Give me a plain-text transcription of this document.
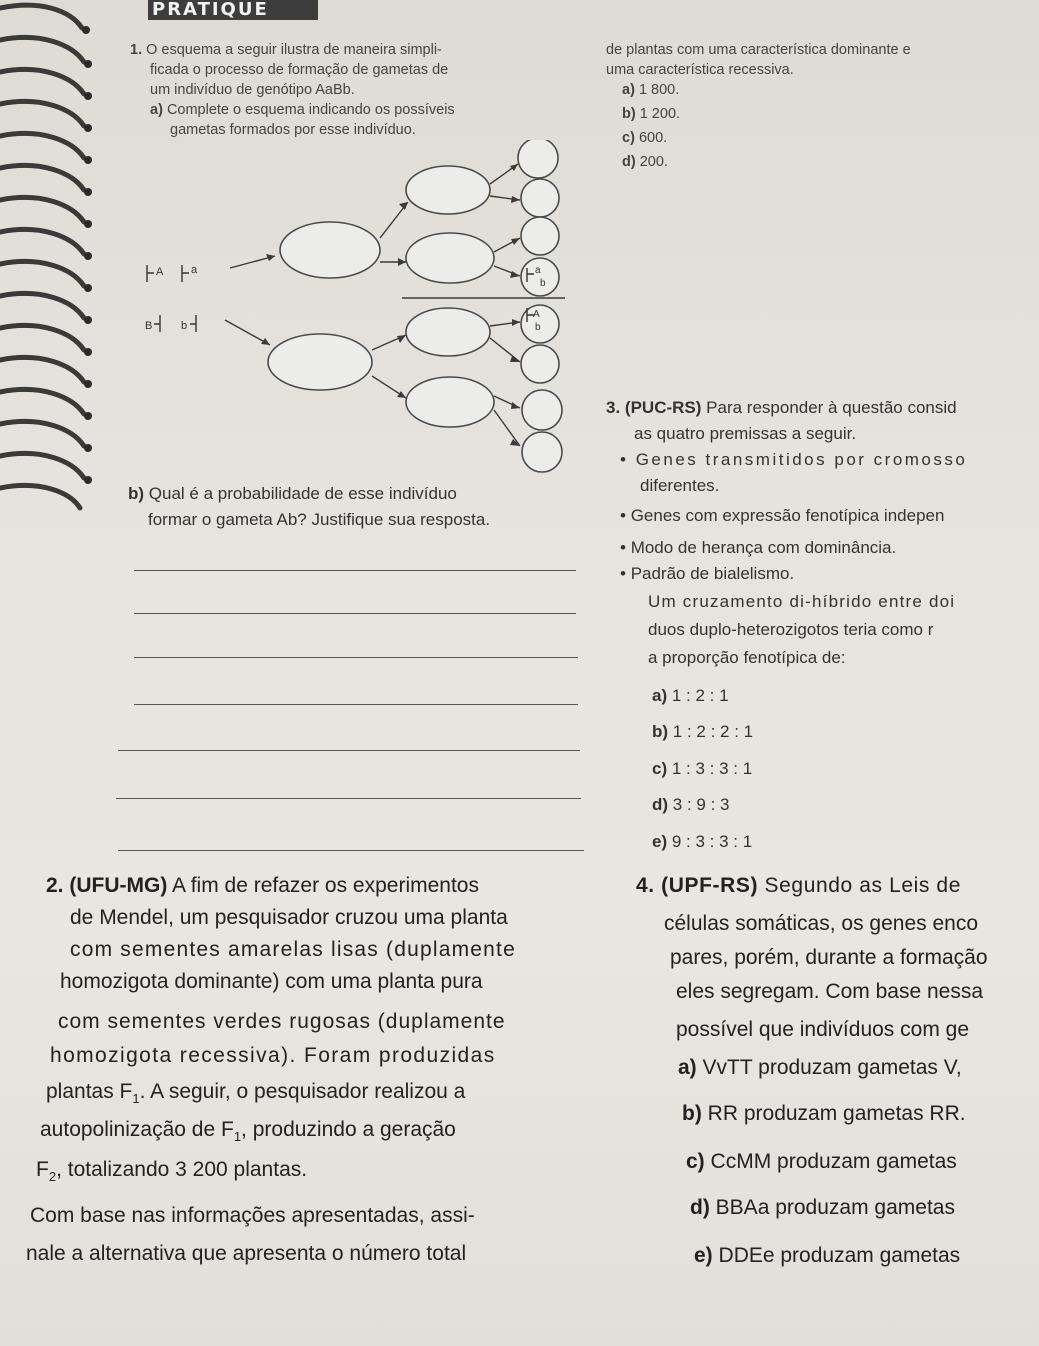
PRATIQUE
1. O esquema a seguir ilustra de maneira simpli-
ficada o processo de formação de gametas de
um indivíduo de genótipo AaBb.
a) Complete o esquema indicando os possíveis
gametas formados por esse indivíduo.
A	a
B	b
a
b
A
b
b) Qual é a probabilidade de esse indivíduo
formar o gameta Ab? Justifique sua resposta.
de plantas com uma característica dominante e
uma característica recessiva.
a) 1 800.
b) 1 200.
c) 600.
d) 200.
3. (PUC-RS) Para responder à questão consid
as quatro premissas a seguir.
• Genes transmitidos por cromosso
diferentes.
• Genes com expressão fenotípica indepen
• Modo de herança com dominância.
• Padrão de bialelismo.
Um cruzamento di-híbrido entre doi
duos duplo-heterozigotos teria como r
a proporção fenotípica de:
a) 1 : 2 : 1
b) 1 : 2 : 2 : 1
c) 1 : 3 : 3 : 1
d) 3 : 9 : 3
e) 9 : 3 : 3 : 1
2. (UFU-MG) A fim de refazer os experimentos
de Mendel, um pesquisador cruzou uma planta
com sementes amarelas lisas (duplamente
homozigota dominante) com uma planta pura
com sementes verdes rugosas (duplamente
homozigota recessiva). Foram produzidas
plantas $F_1$. A seguir, o pesquisador realizou a
autopolinização de $F_1$, produzindo a geração
$F_2$, totalizando 3 200 plantas.
Com base nas informações apresentadas, assi-
nale a alternativa que apresenta o número total
4. (UPF-RS) Segundo as Leis de
células somáticas, os genes enco
pares, porém, durante a formação
eles segregam. Com base nessa
possível que indivíduos com ge
a) VvTT produzam gametas V,
b) RR produzam gametas RR.
c) CcMM produzam gametas
d) BBAa produzam gametas
e) DDEe produzam gametas
